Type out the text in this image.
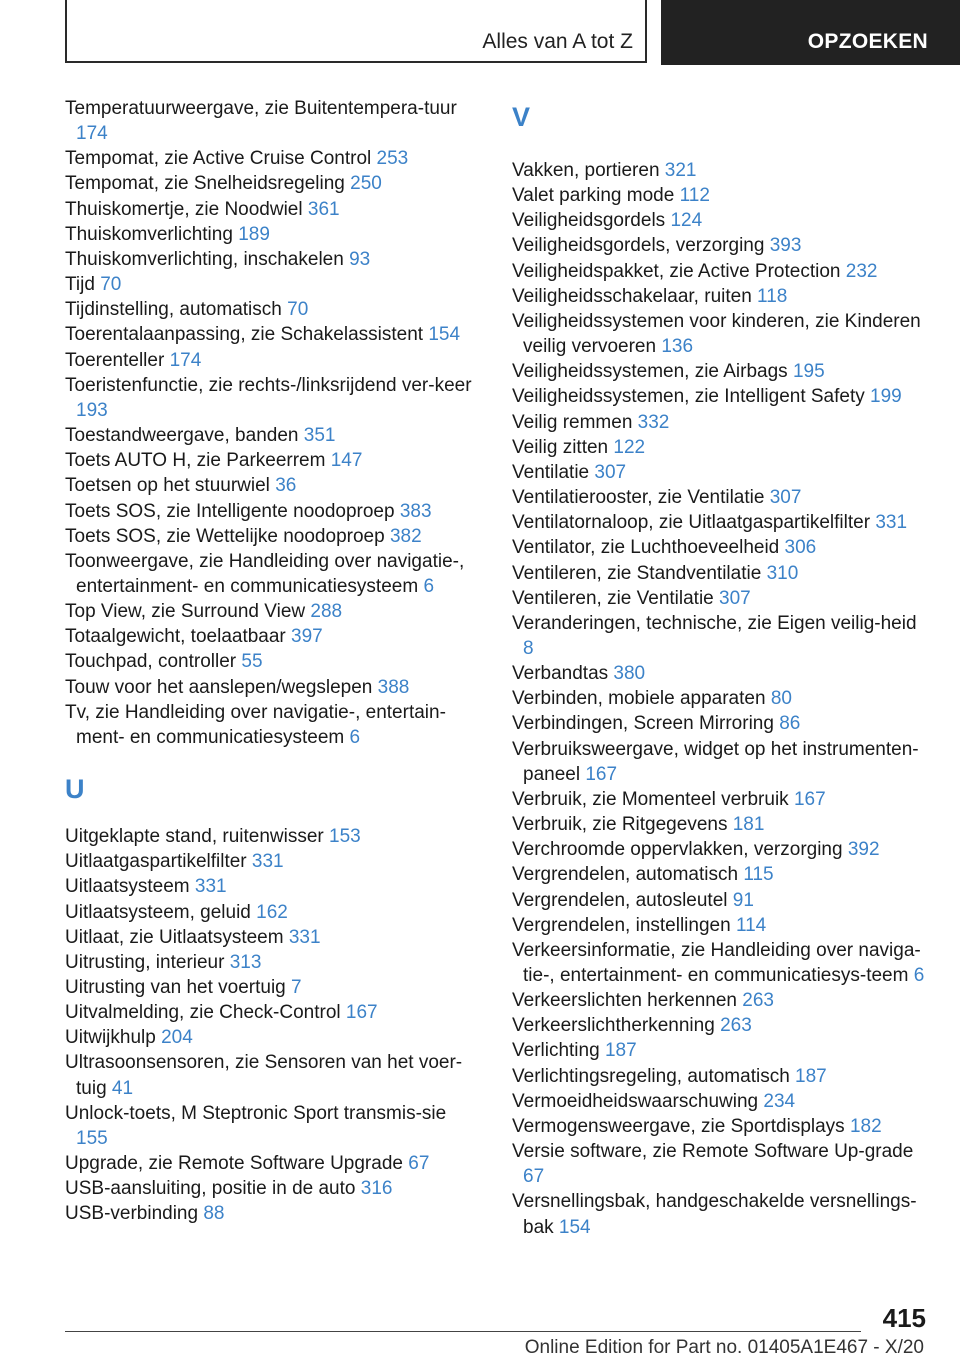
Alles van A tot Z	OPZOEKEN
Temperatuurweergave, zie Buitentempera-tuur 174
Tempomat, zie Active Cruise Control 253
Tempomat, zie Snelheidsregeling 250
Thuiskomertje, zie Noodwiel 361
Thuiskomverlichting 189
Thuiskomverlichting, inschakelen 93
Tijd 70
Tijdinstelling, automatisch 70
Toerentalaanpassing, zie Schakelassistent 154
Toerenteller 174
Toeristenfunctie, zie rechts-/linksrijdend ver-keer 193
Toestandweergave, banden 351
Toets AUTO H, zie Parkeerrem 147
Toetsen op het stuurwiel 36
Toets SOS, zie Intelligente noodoproep 383
Toets SOS, zie Wettelijke noodoproep 382
Toonweergave, zie Handleiding over navigatie-, entertainment- en communicatiesysteem 6
Top View, zie Surround View 288
Totaalgewicht, toelaatbaar 397
Touchpad, controller 55
Touw voor het aanslepen/wegslepen 388
Tv, zie Handleiding over navigatie-, entertain-ment- en communicatiesysteem 6
U
Uitgeklapte stand, ruitenwisser 153
Uitlaatgaspartikelfilter 331
Uitlaatsysteem 331
Uitlaatsysteem, geluid 162
Uitlaat, zie Uitlaatsysteem 331
Uitrusting, interieur 313
Uitrusting van het voertuig 7
Uitvalmelding, zie Check-Control 167
Uitwijkhulp 204
Ultrasoonsensoren, zie Sensoren van het voer-tuig 41
Unlock-toets, M Steptronic Sport transmis-sie 155
Upgrade, zie Remote Software Upgrade 67
USB-aansluiting, positie in de auto 316
USB-verbinding 88
V
Vakken, portieren 321
Valet parking mode 112
Veiligheidsgordels 124
Veiligheidsgordels, verzorging 393
Veiligheidspakket, zie Active Protection 232
Veiligheidsschakelaar, ruiten 118
Veiligheidssystemen voor kinderen, zie Kinderen veilig vervoeren 136
Veiligheidssystemen, zie Airbags 195
Veiligheidssystemen, zie Intelligent Safety 199
Veilig remmen 332
Veilig zitten 122
Ventilatie 307
Ventilatierooster, zie Ventilatie 307
Ventilatornaloop, zie Uitlaatgaspartikelfilter 331
Ventilator, zie Luchthoeveelheid 306
Ventileren, zie Standventilatie 310
Ventileren, zie Ventilatie 307
Veranderingen, technische, zie Eigen veilig-heid 8
Verbandtas 380
Verbinden, mobiele apparaten 80
Verbindingen, Screen Mirroring 86
Verbruiksweergave, widget op het instrumenten-paneel 167
Verbruik, zie Momenteel verbruik 167
Verbruik, zie Ritgegevens 181
Verchroomde oppervlakken, verzorging 392
Vergrendelen, automatisch 115
Vergrendelen, autosleutel 91
Vergrendelen, instellingen 114
Verkeersinformatie, zie Handleiding over naviga-tie-, entertainment- en communicatiesys-teem 6
Verkeerslichten herkennen 263
Verkeerslichtherkenning 263
Verlichting 187
Verlichtingsregeling, automatisch 187
Vermoeidheidswaarschuwing 234
Vermogensweergave, zie Sportdisplays 182
Versie software, zie Remote Software Up-grade 67
Versnellingsbak, handgeschakelde versnellings-bak 154
415
Online Edition for Part no. 01405A1E467 - X/20
